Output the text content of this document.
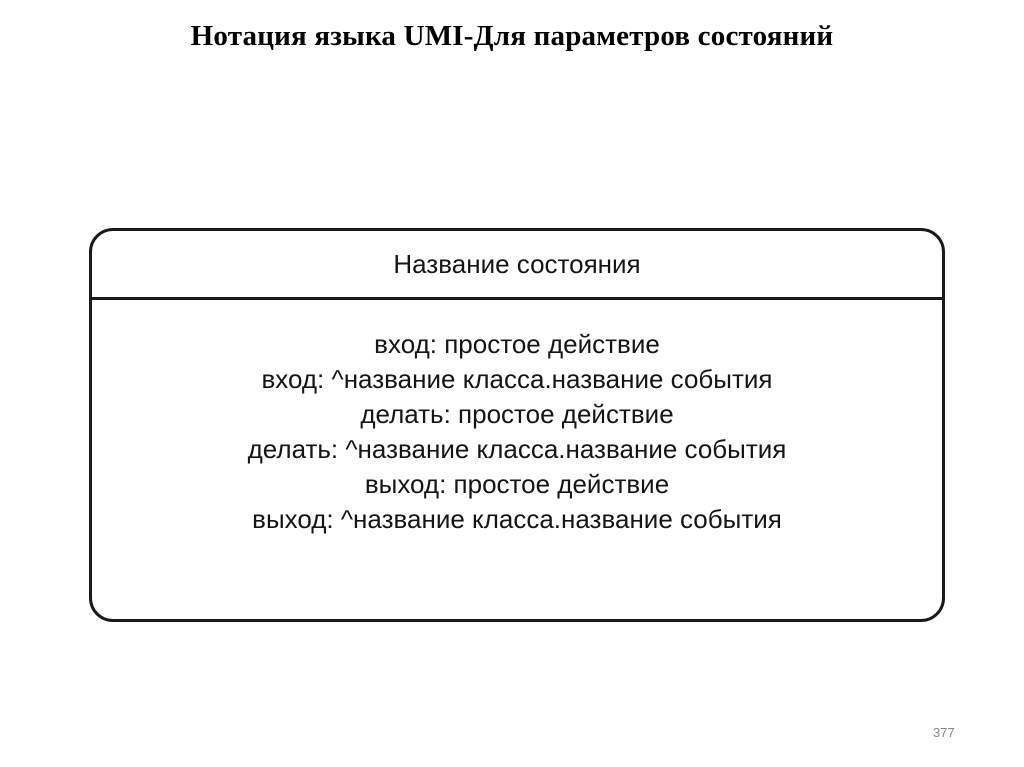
Нотация языка UMI-Для параметров состояний
Название состояния
вход: простое действие
вход: ^название класса.название события
делать: простое действие
делать: ^название класса.название события
выход: простое действие
выход: ^название класса.название события
377
